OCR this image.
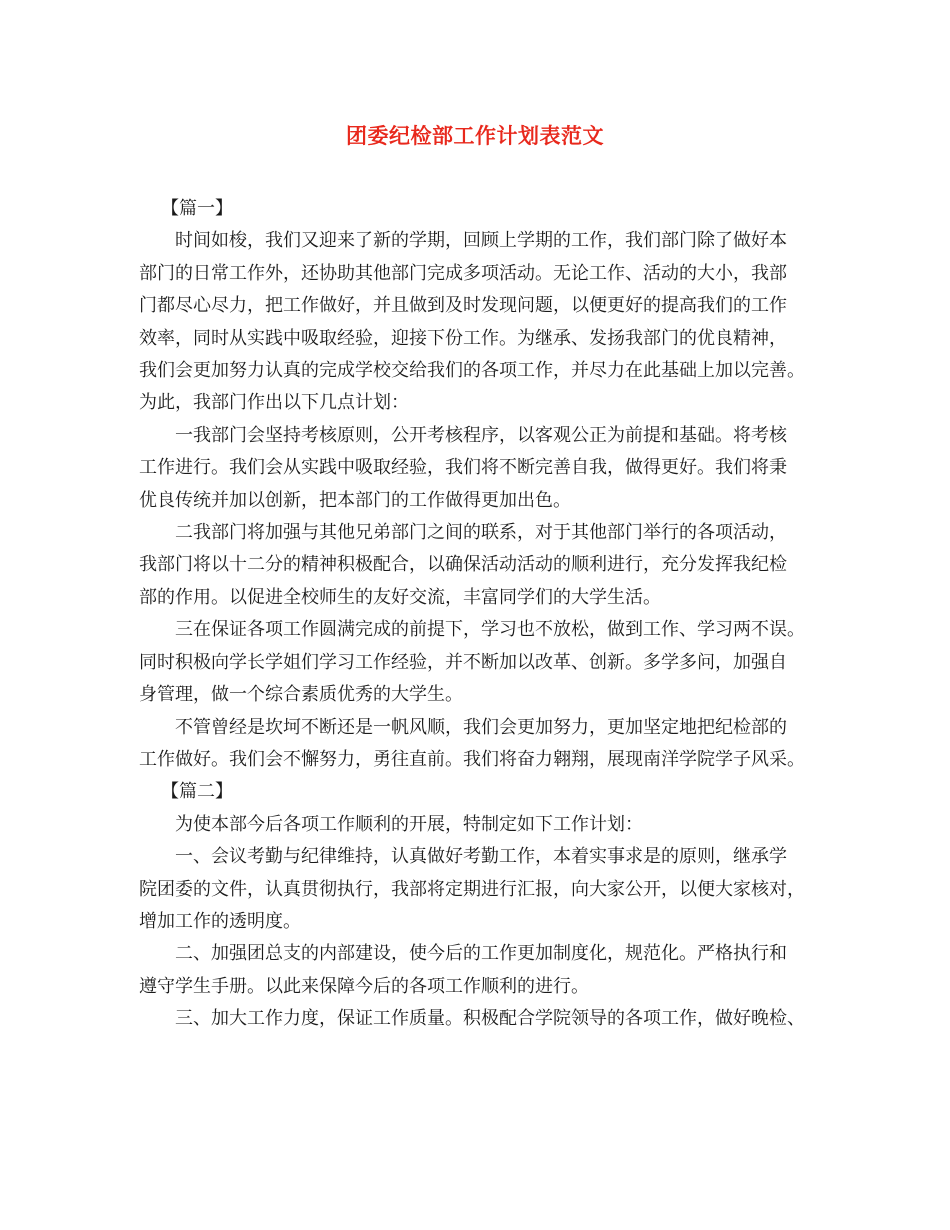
团委纪检部工作计划表范文

【篇一】

时间如梭，我们又迎来了新的学期，回顾上学期的工作，我们部门除了做好本
部门的日常工作外，还协助其他部门完成多项活动。无论工作、活动的大小，我部
门都尽心尽力，把工作做好，并且做到及时发现问题，以便更好的提高我们的工作
效率，同时从实践中吸取经验，迎接下份工作。为继承、发扬我部门的优良精神，
我们会更加努力认真的完成学校交给我们的各项工作，并尽力在此基础上加以完善。
为此，我部门作出以下几点计划：

一我部门会坚持考核原则，公开考核程序，以客观公正为前提和基础。将考核
工作进行。我们会从实践中吸取经验，我们将不断完善自我，做得更好。我们将秉
优良传统并加以创新，把本部门的工作做得更加出色。

二我部门将加强与其他兄弟部门之间的联系，对于其他部门举行的各项活动，
我部门将以十二分的精神积极配合，以确保活动活动的顺利进行，充分发挥我纪检
部的作用。以促进全校师生的友好交流，丰富同学们的大学生活。

三在保证各项工作圆满完成的前提下，学习也不放松，做到工作、学习两不误。
同时积极向学长学姐们学习工作经验，并不断加以改革、创新。多学多问，加强自
身管理，做一个综合素质优秀的大学生。

不管曾经是坎坷不断还是一帆风顺，我们会更加努力，更加坚定地把纪检部的
工作做好。我们会不懈努力，勇往直前。我们将奋力翱翔，展现南洋学院学子风采。

【篇二】

为使本部今后各项工作顺利的开展，特制定如下工作计划：

一、会议考勤与纪律维持，认真做好考勤工作，本着实事求是的原则，继承学
院团委的文件，认真贯彻执行，我部将定期进行汇报，向大家公开，以便大家核对，
增加工作的透明度。

二、加强团总支的内部建设，使今后的工作更加制度化，规范化。严格执行和
遵守学生手册。以此来保障今后的各项工作顺利的进行。

三、加大工作力度，保证工作质量。积极配合学院领导的各项工作，做好晚检、
